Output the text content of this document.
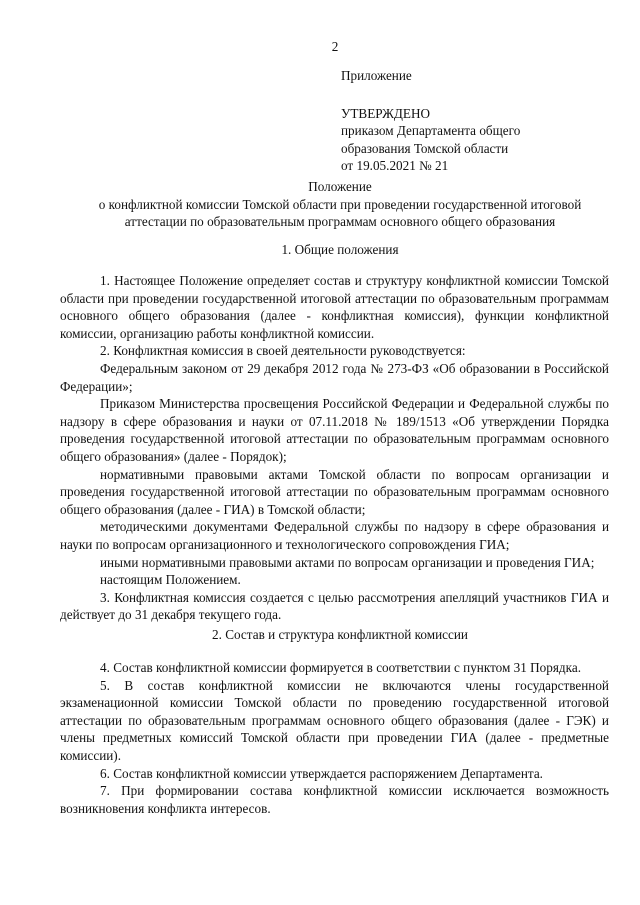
2
Приложение
УТВЕРЖДЕНО
приказом Департамента общего
образования Томской области
от 19.05.2021 № 21
Положение
о конфликтной комиссии Томской области при проведении государственной итоговой
аттестации по образовательным программам основного общего образования
1. Общие положения

1. Настоящее Положение определяет состав и структуру конфликтной комиссии Томской области при проведении государственной итоговой аттестации по образовательным программам основного общего образования (далее - конфликтная комиссия), функции конфликтной комиссии, организацию работы конфликтной комиссии.

2. Конфликтная комиссия в своей деятельности руководствуется:

Федеральным законом от 29 декабря 2012 года № 273-ФЗ «Об образовании в Российской Федерации»;

Приказом Министерства просвещения Российской Федерации и Федеральной службы по надзору в сфере образования и науки от 07.11.2018 № 189/1513 «Об утверждении Порядка проведения государственной итоговой аттестации по образовательным программам основного общего образования» (далее - Порядок);

нормативными правовыми актами Томской области по вопросам организации и проведения государственной итоговой аттестации по образовательным программам основного общего образования (далее - ГИА) в Томской области;

методическими документами Федеральной службы по надзору в сфере образования и науки по вопросам организационного и технологического сопровождения ГИА;

иными нормативными правовыми актами по вопросам организации и проведения ГИА;

настоящим Положением.

3. Конфликтная комиссия создается с целью рассмотрения апелляций участников ГИА и действует до 31 декабря текущего года.

2. Состав и структура конфликтной комиссии

4. Состав конфликтной комиссии формируется в соответствии с пунктом 31 Порядка.

5. В состав конфликтной комиссии не включаются члены государственной экзаменационной комиссии Томской области по проведению государственной итоговой аттестации по образовательным программам основного общего образования (далее - ГЭК) и члены предметных комиссий Томской области при проведении ГИА (далее - предметные комиссии).

6. Состав конфликтной комиссии утверждается распоряжением Департамента.

7. При формировании состава конфликтной комиссии исключается возможность возникновения конфликта интересов.
